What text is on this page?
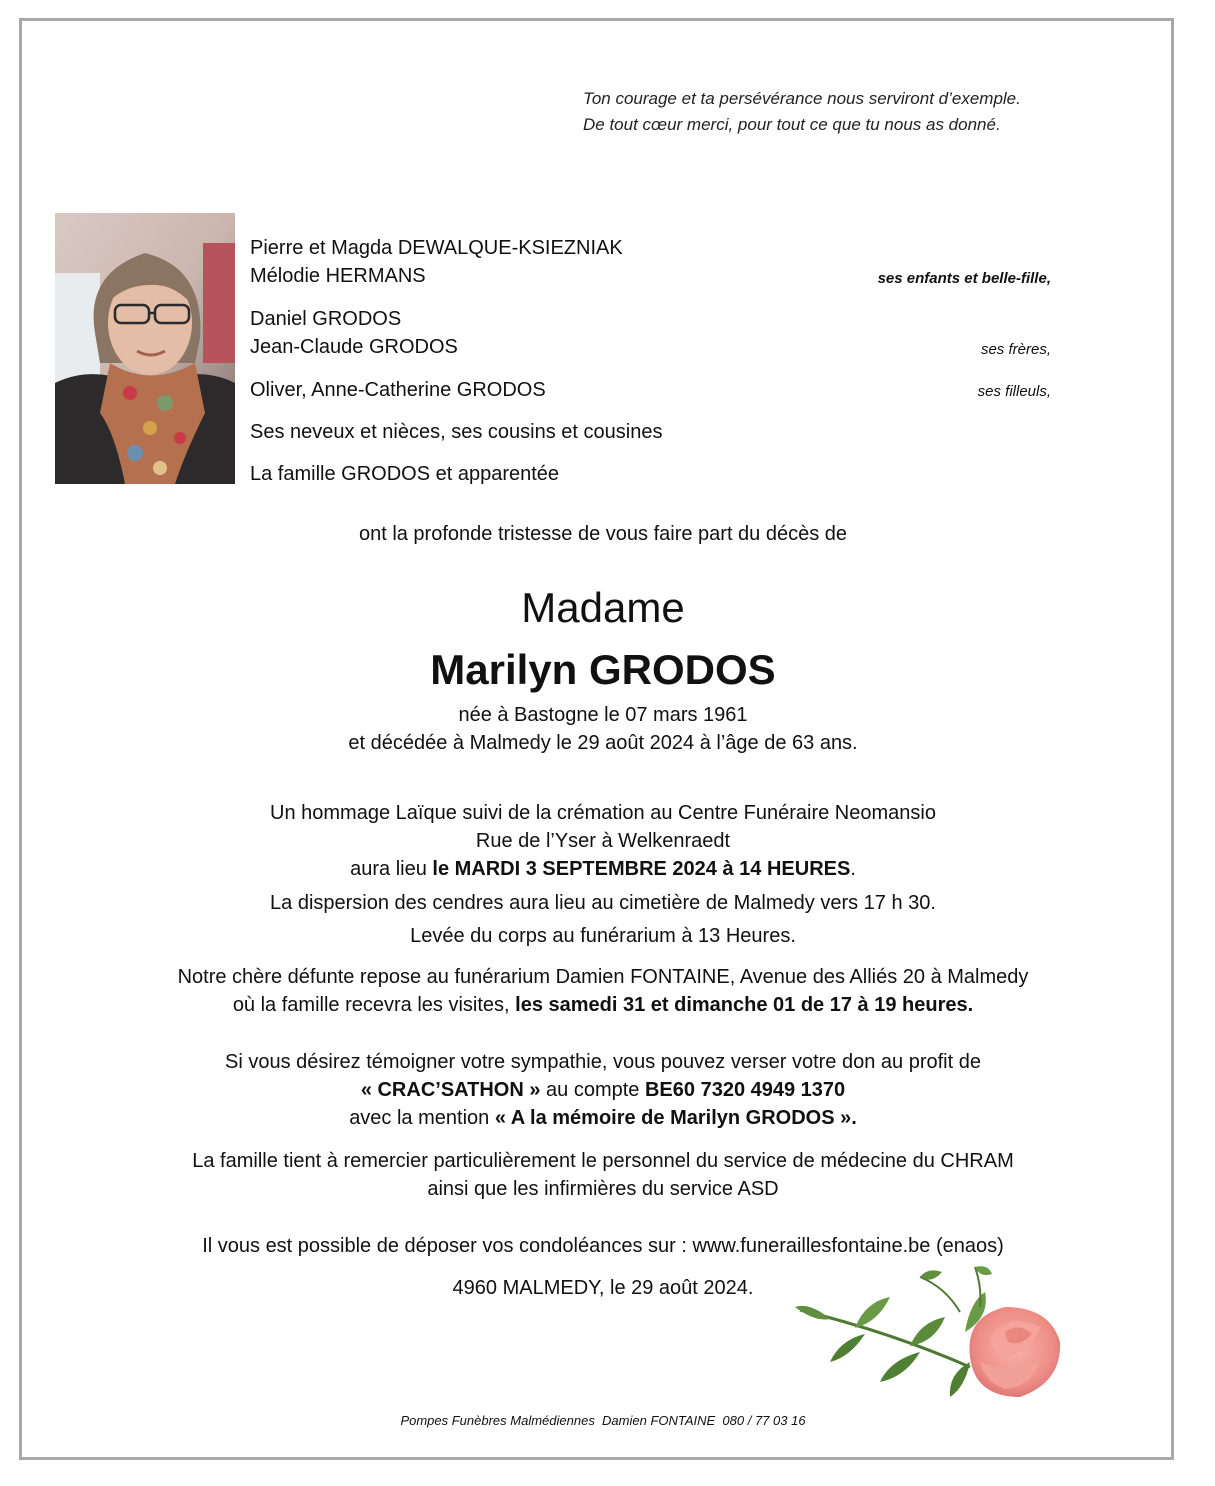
Ton courage et ta persévérance nous serviront d’exemple.
De tout cœur merci, pour tout ce que tu nous as donné.
Pierre et Magda DEWALQUE-KSIEZNIAK
Mélodie HERMANS	ses enfants et belle-fille,
Daniel GRODOS
Jean-Claude GRODOS	ses frères,
Oliver, Anne-Catherine GRODOS	ses filleuls,
Ses neveux et nièces, ses cousins et cousines
La famille GRODOS et apparentée
ont la profonde tristesse de vous faire part du décès de
Madame
Marilyn GRODOS
née à Bastogne le 07 mars 1961
et décédée à Malmedy le 29 août 2024 à l’âge de 63 ans.
Un hommage Laïque suivi de la crémation au Centre Funéraire Neomansio
Rue de l’Yser à Welkenraedt
aura lieu le MARDI 3 SEPTEMBRE 2024 à 14 HEURES.
La dispersion des cendres aura lieu au cimetière de Malmedy vers 17 h 30.
Levée du corps au funérarium à 13 Heures.
Notre chère défunte repose au funérarium Damien FONTAINE, Avenue des Alliés 20 à Malmedy
où la famille recevra les visites, les samedi 31 et dimanche 01 de 17 à 19 heures.
Si vous désirez témoigner votre sympathie, vous pouvez verser votre don au profit de
« CRAC’SATHON » au compte BE60 7320 4949 1370
avec la mention « A la mémoire de Marilyn GRODOS ».
La famille tient à remercier particulièrement le personnel du service de médecine du CHRAM
ainsi que les infirmières du service ASD
Il vous est possible de déposer vos condoléances sur : www.funerailles​fontaine.be (enaos)
4960 MALMEDY, le 29 août 2024.
Pompes Funèbres Malmédiennes  Damien FONTAINE  080 / 77 03 16
